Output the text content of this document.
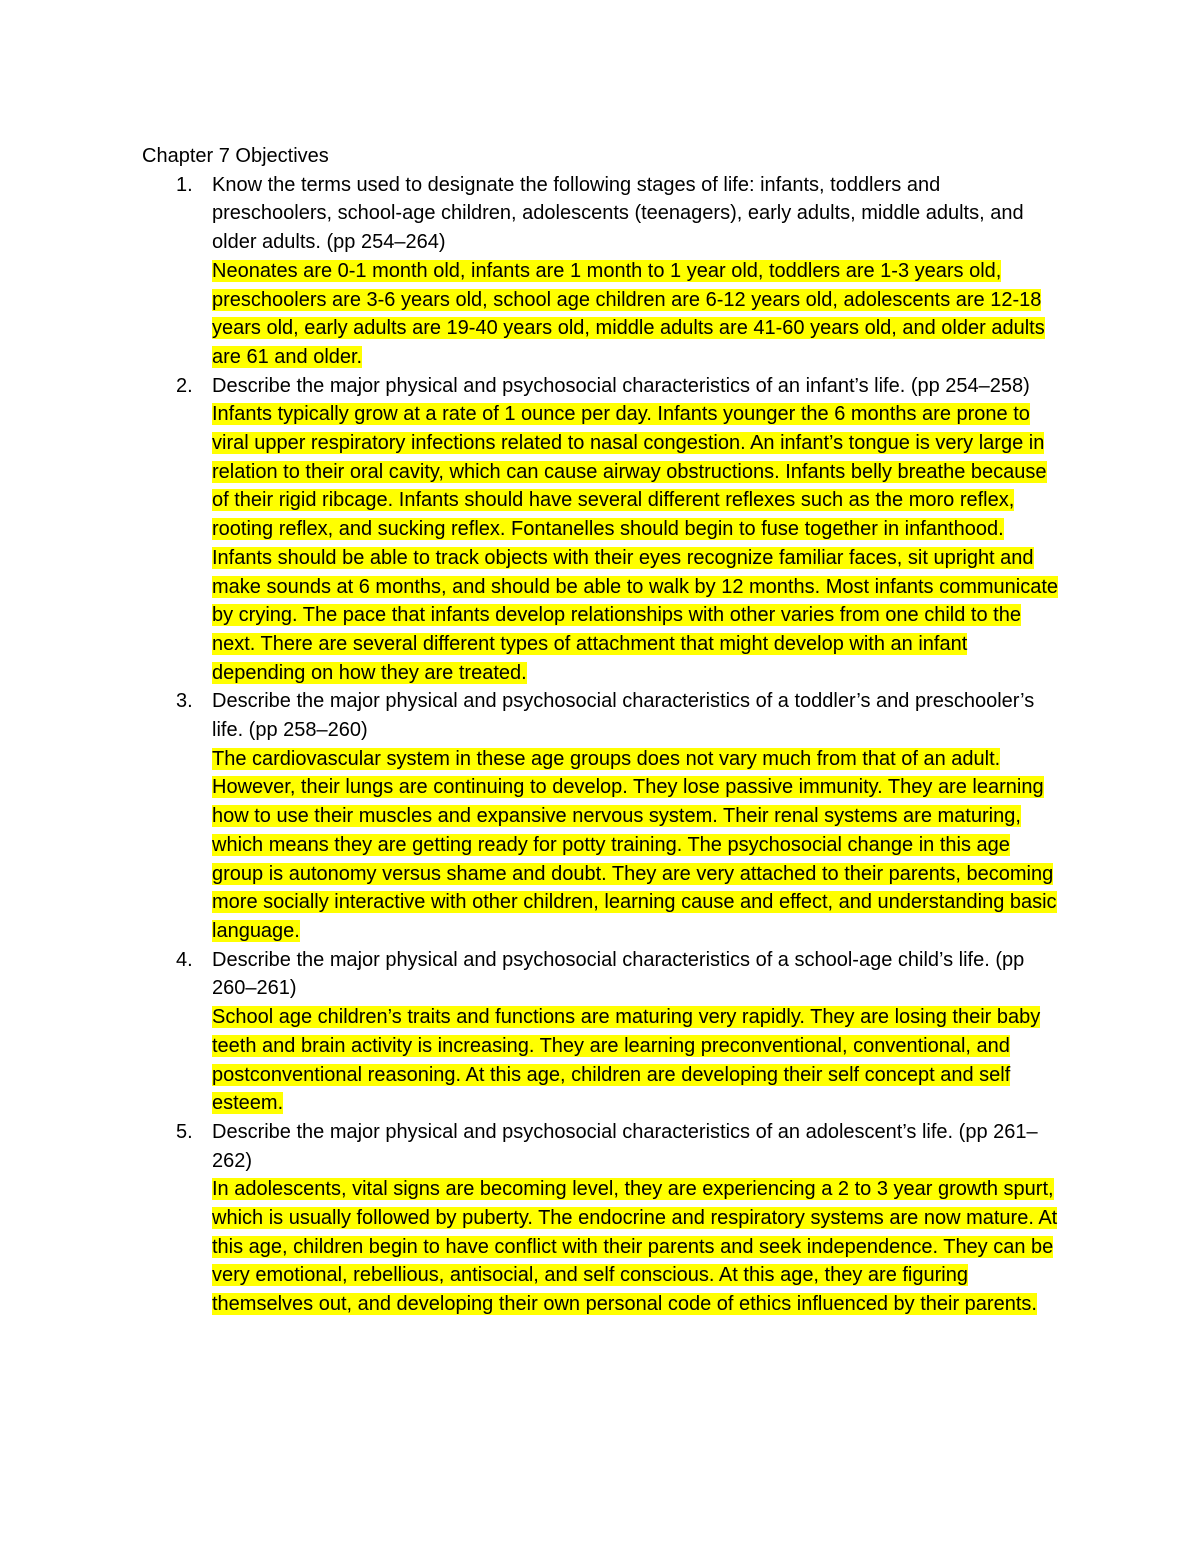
Chapter 7 Objectives
1. Know the terms used to designate the following stages of life: infants, toddlers and preschoolers, school-age children, adolescents (teenagers), early adults, middle adults, and older adults. (pp 254–264)
Neonates are 0-1 month old, infants are 1 month to 1 year old, toddlers are 1-3 years old, preschoolers are 3-6 years old, school age children are 6-12 years old, adolescents are 12-18 years old, early adults are 19-40 years old, middle adults are 41-60 years old, and older adults are 61 and older.
2. Describe the major physical and psychosocial characteristics of an infant’s life. (pp 254–258)
Infants typically grow at a rate of 1 ounce per day. Infants younger the 6 months are prone to viral upper respiratory infections related to nasal congestion. An infant’s tongue is very large in relation to their oral cavity, which can cause airway obstructions. Infants belly breathe because of their rigid ribcage. Infants should have several different reflexes such as the moro reflex, rooting reflex, and sucking reflex. Fontanelles should begin to fuse together in infanthood. Infants should be able to track objects with their eyes recognize familiar faces, sit upright and make sounds at 6 months, and should be able to walk by 12 months. Most infants communicate by crying. The pace that infants develop relationships with other varies from one child to the next. There are several different types of attachment that might develop with an infant depending on how they are treated.
3. Describe the major physical and psychosocial characteristics of a toddler’s and preschooler’s life. (pp 258–260)
The cardiovascular system in these age groups does not vary much from that of an adult. However, their lungs are continuing to develop. They lose passive immunity. They are learning how to use their muscles and expansive nervous system. Their renal systems are maturing, which means they are getting ready for potty training. The psychosocial change in this age group is autonomy versus shame and doubt. They are very attached to their parents, becoming more socially interactive with other children, learning cause and effect, and understanding basic language.
4. Describe the major physical and psychosocial characteristics of a school-age child’s life. (pp 260–261)
School age children’s traits and functions are maturing very rapidly. They are losing their baby teeth and brain activity is increasing. They are learning preconventional, conventional, and postconventional reasoning. At this age, children are developing their self concept and self esteem.
5. Describe the major physical and psychosocial characteristics of an adolescent’s life. (pp 261–262)
In adolescents, vital signs are becoming level, they are experiencing a 2 to 3 year growth spurt, which is usually followed by puberty. The endocrine and respiratory systems are now mature. At this age, children begin to have conflict with their parents and seek independence. They can be very emotional, rebellious, antisocial, and self conscious. At this age, they are figuring themselves out, and developing their own personal code of ethics influenced by their parents.
